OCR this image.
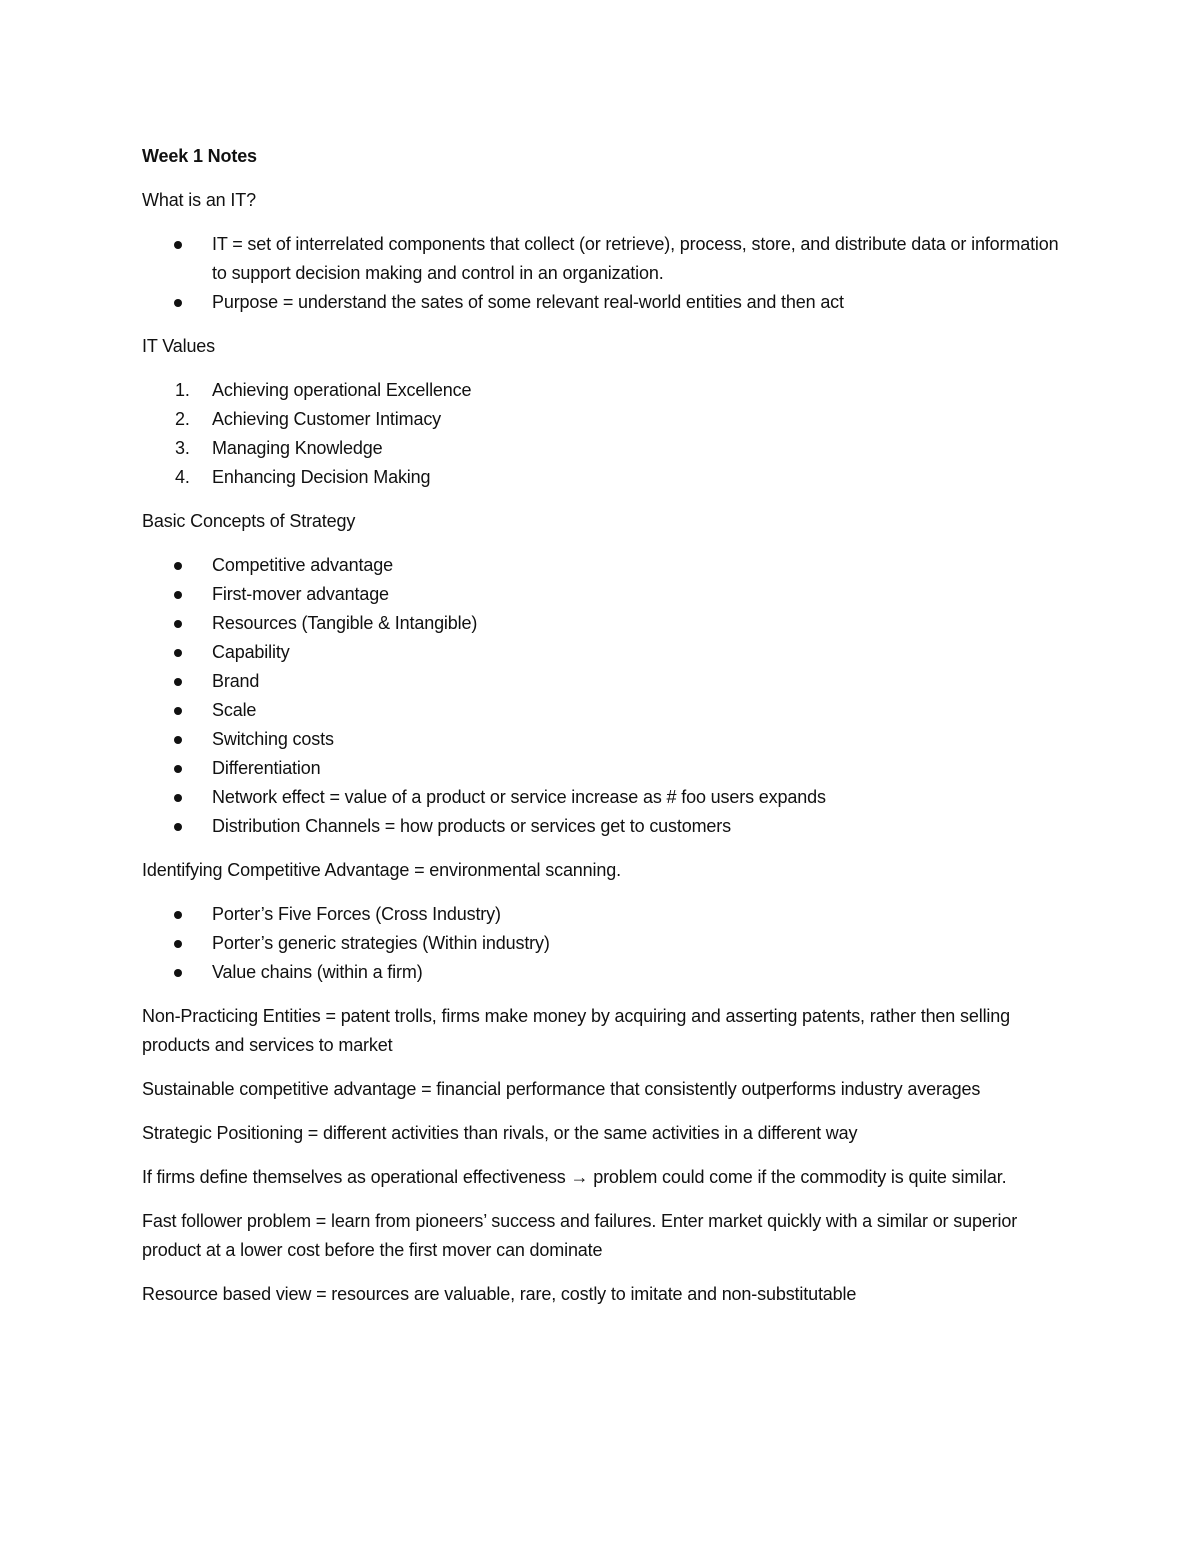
Week 1 Notes
What is an IT?
IT = set of interrelated components that collect (or retrieve), process, store, and distribute data or information to support decision making and control in an organization.
Purpose = understand the sates of some relevant real-world entities and then act
IT Values
1. Achieving operational Excellence
2. Achieving Customer Intimacy
3. Managing Knowledge
4. Enhancing Decision Making
Basic Concepts of Strategy
Competitive advantage
First-mover advantage
Resources (Tangible & Intangible)
Capability
Brand
Scale
Switching costs
Differentiation
Network effect = value of a product or service increase as # foo users expands
Distribution Channels = how products or services get to customers
Identifying Competitive Advantage = environmental scanning.
Porter’s Five Forces (Cross Industry)
Porter’s generic strategies (Within industry)
Value chains (within a firm)
Non-Practicing Entities = patent trolls, firms make money by acquiring and asserting patents, rather then selling products and services to market
Sustainable competitive advantage = financial performance that consistently outperforms industry averages
Strategic Positioning = different activities than rivals, or the same activities in a different way
If firms define themselves as operational effectiveness → problem could come if the commodity is quite similar.
Fast follower problem = learn from pioneers’ success and failures. Enter market quickly with a similar or superior product at a lower cost before the first mover can dominate
Resource based view = resources are valuable, rare, costly to imitate and non-substitutable
